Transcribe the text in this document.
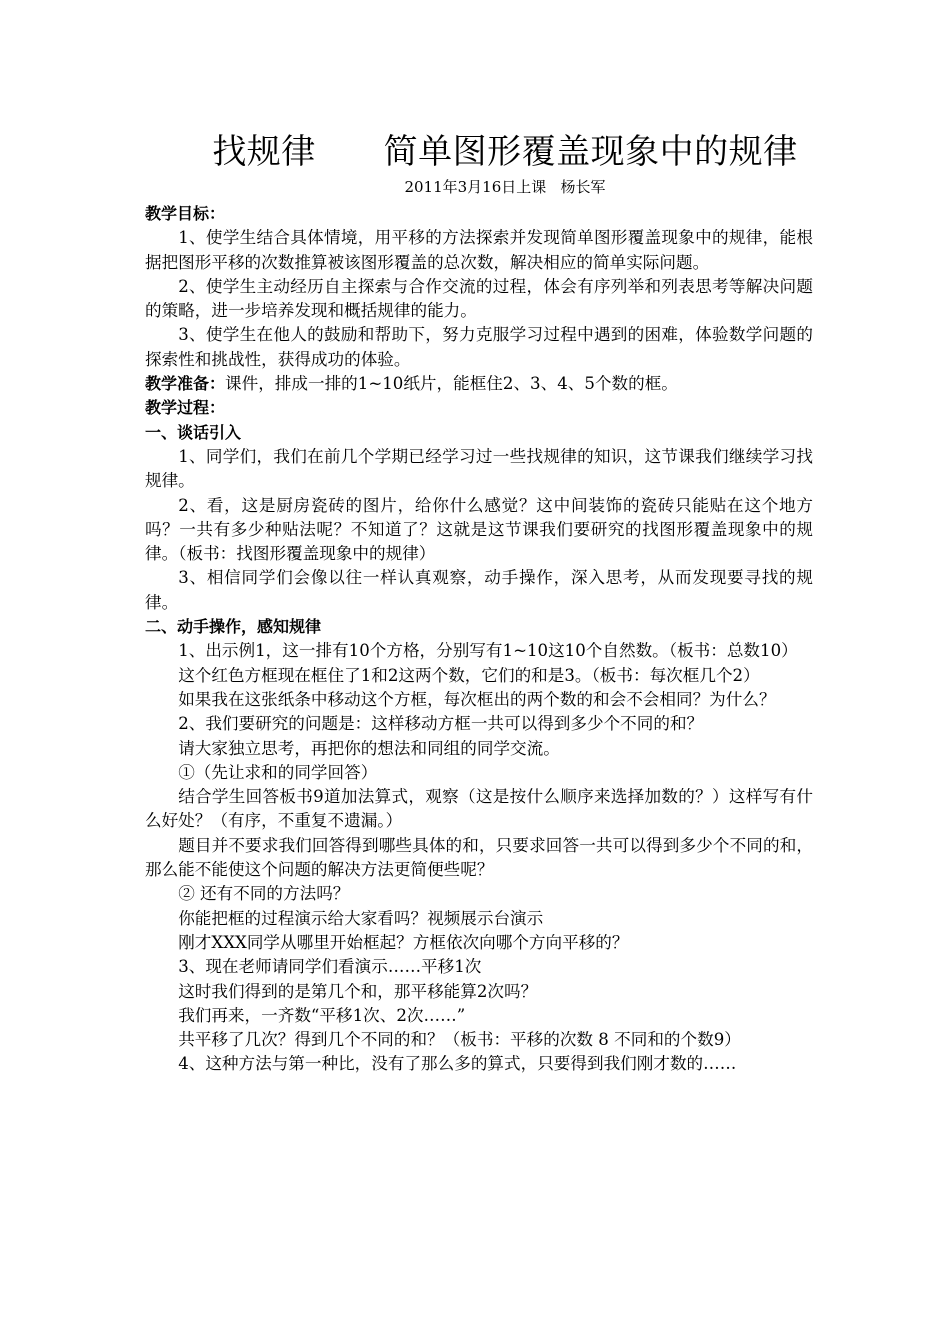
找规律      简单图形覆盖现象中的规律
2011年3月16日上课   杨长军
教学目标：

1、使学生结合具体情境，用平移的方法探索并发现简单图形覆盖现象中的规律，能根据把图形平移的次数推算被该图形覆盖的总次数，解决相应的简单实际问题。

2、使学生主动经历自主探索与合作交流的过程，体会有序列举和列表思考等解决问题的策略，进一步培养发现和概括规律的能力。

3、使学生在他人的鼓励和帮助下，努力克服学习过程中遇到的困难，体验数学问题的探索性和挑战性，获得成功的体验。

教学准备：课件，排成一排的1~10纸片，能框住2、3、4、5个数的框。

教学过程：
一、谈话引入

1、同学们，我们在前几个学期已经学习过一些找规律的知识，这节课我们继续学习找规律。

2、看，这是厨房瓷砖的图片，给你什么感觉？这中间装饰的瓷砖只能贴在这个地方吗？一共有多少种贴法呢？不知道了？这就是这节课我们要研究的找图形覆盖现象中的规律。（板书：找图形覆盖现象中的规律）

3、相信同学们会像以往一样认真观察，动手操作，深入思考，从而发现要寻找的规律。

二、动手操作，感知规律

1、出示例1，这一排有10个方格，分别写有1~10这10个自然数。（板书：总数10）

这个红色方框现在框住了1和2这两个数，它们的和是3。（板书：每次框几个2）

如果我在这张纸条中移动这个方框，每次框出的两个数的和会不会相同？为什么？

2、我们要研究的问题是：这样移动方框一共可以得到多少个不同的和？

请大家独立思考，再把你的想法和同组的同学交流。

①（先让求和的同学回答）

结合学生回答板书9道加法算式，观察（这是按什么顺序来选择加数的？）这样写有什么好处？（有序，不重复不遗漏。）

题目并不要求我们回答得到哪些具体的和，只要求回答一共可以得到多少个不同的和，那么能不能使这个问题的解决方法更简便些呢？

② 还有不同的方法吗？

你能把框的过程演示给大家看吗？视频展示台演示

刚才XXX同学从哪里开始框起？方框依次向哪个方向平移的？

3、现在老师请同学们看演示……平移1次

这时我们得到的是第几个和，那平移能算2次吗？

我们再来，一齐数“平移1次、2次……”

共平移了几次？得到几个不同的和？（板书：平移的次数 8 不同和的个数9）

4、这种方法与第一种比，没有了那么多的算式，只要得到我们刚才数的……
